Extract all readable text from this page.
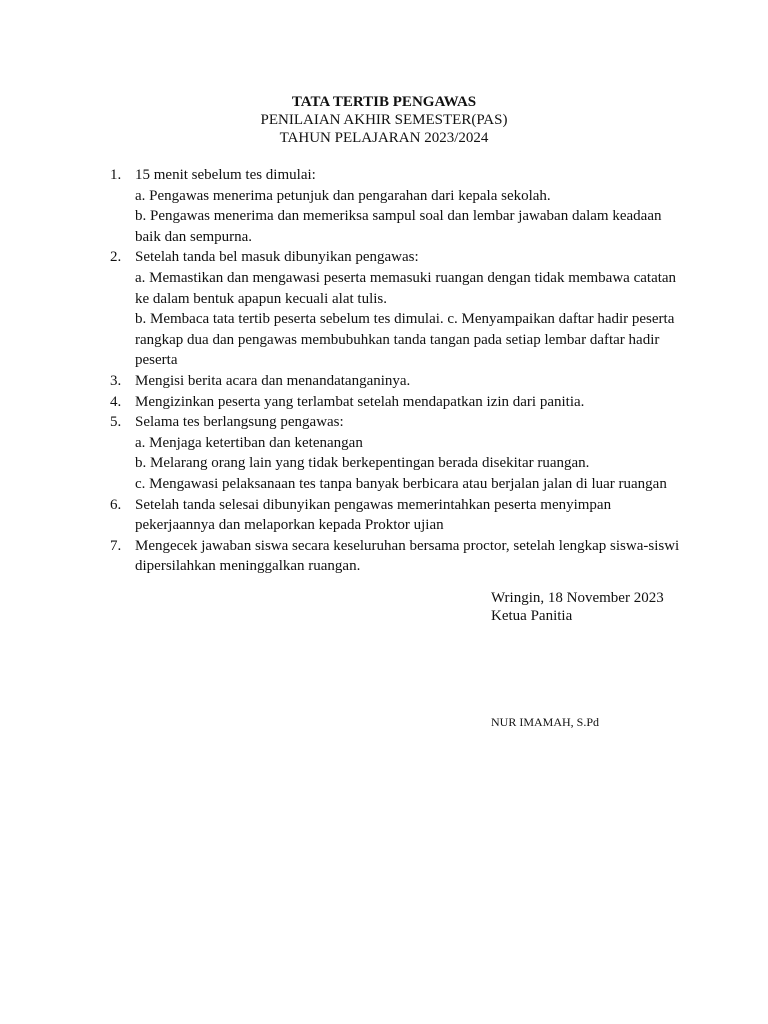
TATA TERTIB PENGAWAS
PENILAIAN AKHIR SEMESTER(PAS)
TAHUN PELAJARAN 2023/2024
1. 15 menit sebelum tes dimulai:
a. Pengawas menerima petunjuk dan pengarahan dari kepala sekolah.
b. Pengawas menerima dan memeriksa sampul soal dan lembar jawaban dalam keadaan baik dan sempurna.
2. Setelah tanda bel masuk dibunyikan pengawas:
a. Memastikan dan mengawasi peserta memasuki ruangan dengan tidak membawa catatan ke dalam bentuk apapun kecuali alat tulis.
b. Membaca tata tertib peserta sebelum tes dimulai. c. Menyampaikan daftar hadir peserta rangkap dua dan pengawas membubuhkan tanda tangan pada setiap lembar daftar hadir peserta
3. Mengisi berita acara dan menandatanganinya.
4. Mengizinkan peserta yang terlambat setelah mendapatkan izin dari panitia.
5. Selama tes berlangsung pengawas:
a. Menjaga ketertiban dan ketenangan
b. Melarang orang lain yang tidak berkepentingan berada disekitar ruangan.
c. Mengawasi pelaksanaan tes tanpa banyak berbicara atau berjalan jalan di luar ruangan
6. Setelah tanda selesai dibunyikan pengawas memerintahkan peserta menyimpan pekerjaannya dan melaporkan kepada Proktor ujian
7. Mengecek jawaban siswa secara keseluruhan bersama proctor, setelah lengkap siswa-siswi dipersilahkan meninggalkan ruangan.
Wringin, 18 November 2023
Ketua Panitia
NUR IMAMAH, S.Pd
